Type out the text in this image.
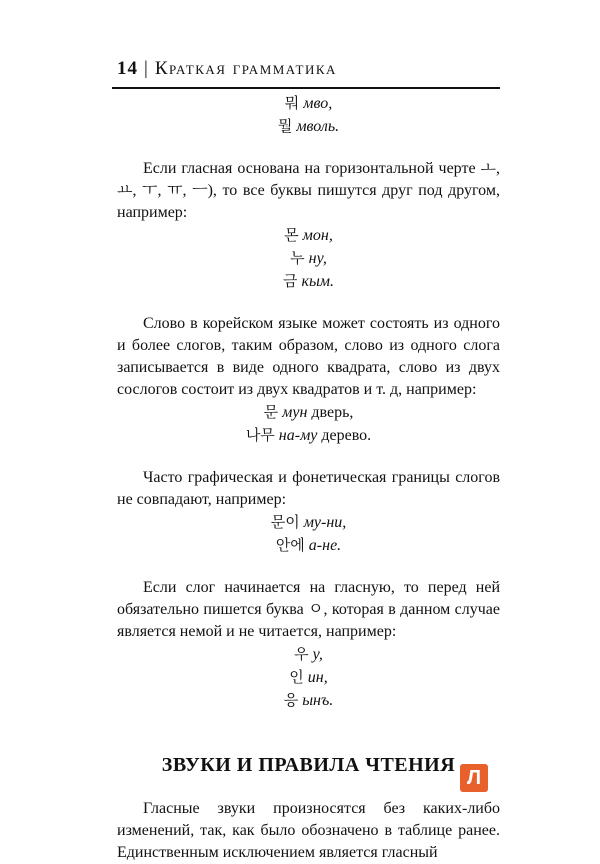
14 | Краткая грамматика

뭐 мво,

뭘 мволь.

Если гласная основана на горизонтальной черте ㅗ, ㅛ, ㅜ, ㅠ, ㅡ), то все буквы пишутся друг под другом, например:

몬 мон,

누 ну,

금 кым.

Слово в корейском языке может состоять из одного и более слогов, таким образом, слово из одного слога записывается в виде одного квадрата, слово из двух сослогов состоит из двух квадратов и т. д, например:

문 мун дверь,

나무 на-му дерево.

Часто графическая и фонетическая границы слогов не совпадают, например:

문이 му-ни,

안에 а-не.

Если слог начинается на гласную, то перед ней обязательно пишется буква ㅇ, которая в данном случае является немой и не читается, например:

우 у,

인 ин,

응 ынъ.

ЗВУКИ И ПРАВИЛА ЧТЕНИЯ

Гласные звуки произносятся без каких-либо изменений, так, как было обозначено в таблице ранее. Единственным исключением является гласный

Л
